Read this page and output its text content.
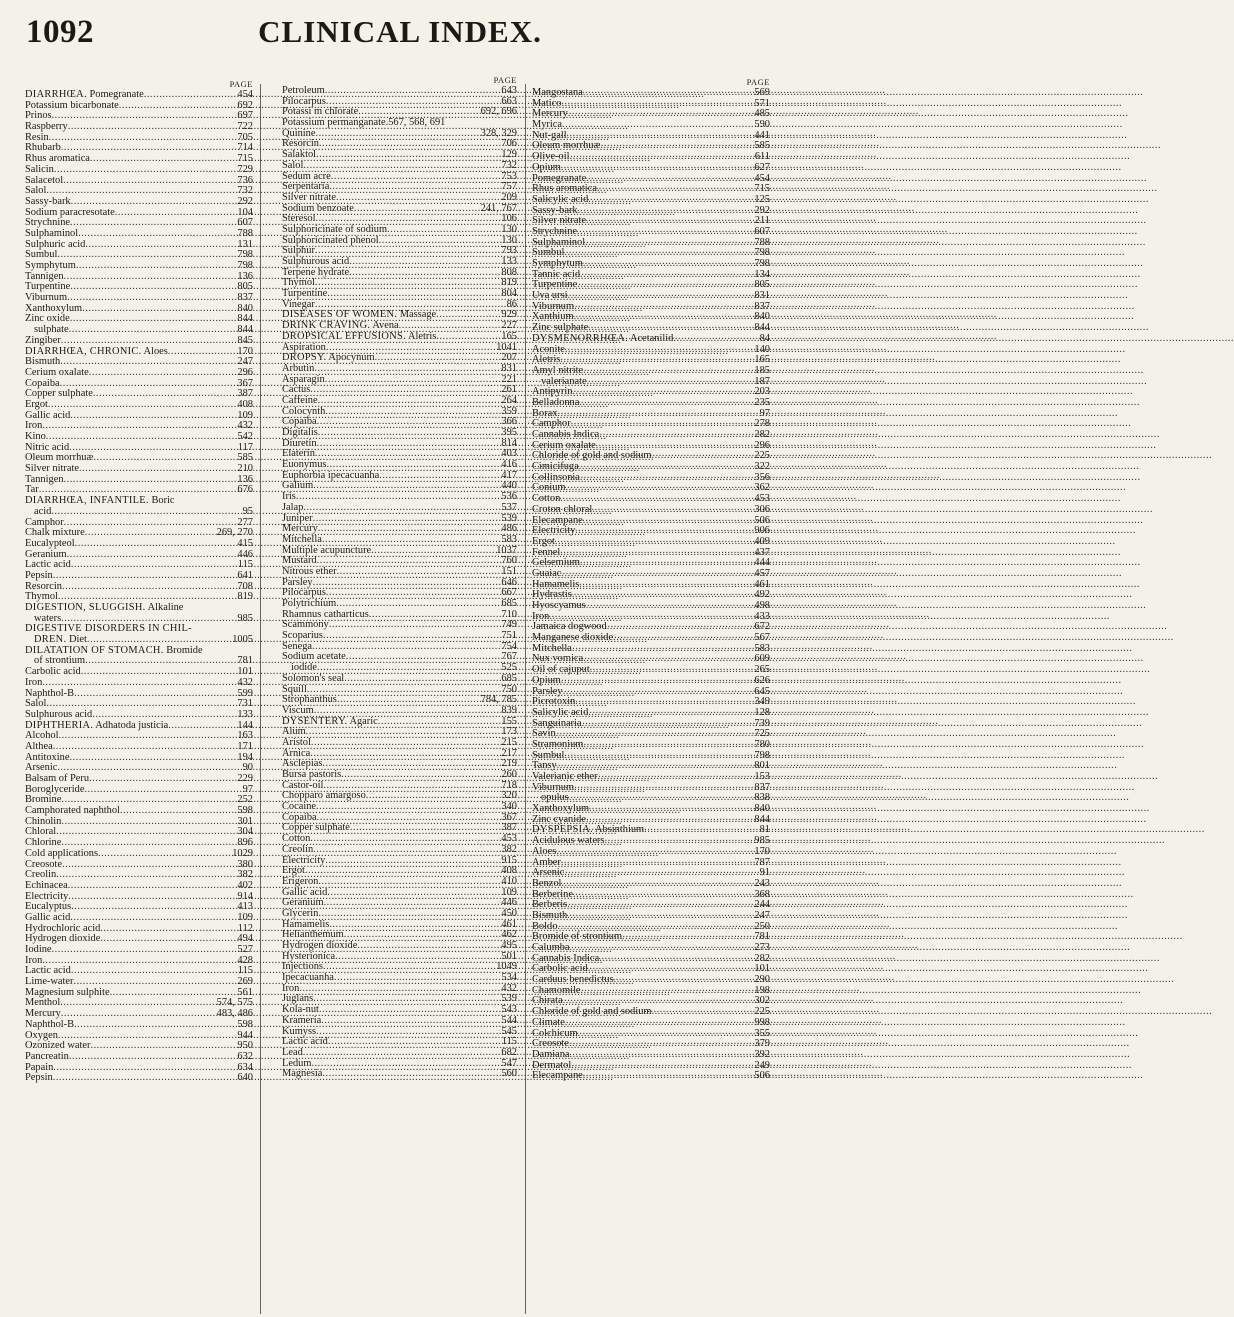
1092	CLINICAL INDEX.
PAGE
DIARRHŒA. Pomegranate .....	454
Potassium bicarbonate .....	692
Prinos .....	697
Raspberry .....	722
Resin .....	705
Rhubarb .....	714
Rhus aromatica .....	715
Salicin .....	729
Salacetol .....	736
Salol .....	732
Sassy-bark .....	292
Sodium paracresotate .....	104
Strychnine .....	607
Sulphaminol .....	788
Sulphuric acid .....	131
Sumbul .....	798
Symphytum .....	798
Tannigen .....	136
Turpentine .....	805
Viburnum .....	837
Xanthoxylum .....	840
Zinc oxide .....	844
sulphate .....	844
Zingiber .....	845
DIARRHŒA, CHRONIC. Aloes .....	170
Bismuth .....	247
Cerium oxalate .....	296
Copaiba .....	367
Copper sulphate .....	387
Ergot .....	408
Gallic acid .....	109
Iron .....	432
Kino .....	542
Nitric acid .....	117
Oleum morrhuæ .....	585
Silver nitrate .....	210
Tannigen .....	136
Tar .....	676
DIARRHŒA, INFANTILE. Boric
acid .....	95
Camphor .....	277
Chalk mixture .....	269, 270
Eucalypteol .....	415
Geranium .....	446
Lactic acid .....	115
Pepsin .....	641
Resorcin .....	708
Thymol .....	819
DIGESTION, SLUGGISH. Alkaline
waters .....	985
DIGESTIVE DISORDERS IN CHIL-
DREN. Diet .....	1005
DILATATION OF STOMACH. Bromide
of strontium .....	781
Carbolic acid .....	101
Iron .....	432
Naphthol-B .....	599
Salol .....	731
Sulphurous acid .....	133
DIPHTHERIA. Adhatoda justicia .....	144
Alcohol .....	163
Althea .....	171
Antitoxine .....	194
Arsenic .....	90
Balsam of Peru .....	229
Boroglyceride .....	97
Bromine .....	252
Camphorated naphthol .....	598
Chinolin .....	301
Chloral .....	304
Chlorine .....	896
Cold applications .....	1029
Creosote .....	380
Creolin .....	382
Echinacea .....	402
Electricity .....	914
Eucalyptus .....	413
Gallic acid .....	109
Hydrochloric acid .....	112
Hydrogen dioxide .....	494
Iodine .....	527
Iron .....	428
Lactic acid .....	115
Lime-water .....	269
Magnesium sulphite .....	561
Menthol .....	574, 575
Mercury .....	483, 486
Naphthol-B .....	598
Oxygen .....	944
Ozonized water .....	950
Pancreatin .....	632
Papain .....	634
Pepsin .....	640
PAGE
Petroleum .....	643
Pilocarpus .....	663
Potassi m chlorate .....	692, 696
Potassium permanganate.567, 568, 691
Quinine .....	328, 329
Resorcin .....	706
Salaktol .....	129
Salol .....	732
Sedum acre .....	753
Serpentaria .....	757
Silver nitrate .....	209
Sodium benzoate .....	241, 767
Steresol .....	106
Sulphoricinate of sodium .....	130
Sulphoricinated phenol .....	130
Sulphur .....	793
Sulphurous acid .....	133
Terpene hydrate .....	808
Thymol .....	819
Turpentine .....	804
Vinegar .....	86
DISEASES OF WOMEN. Massage .....	929
DRINK CRAVING. Avena .....	227
DROPSICAL EFFUSIONS. Aletris .....	165
Aspiration .....	1041
DROPSY. Apocynum .....	207
Arbutin .....	831
Asparagin .....	221
Cactus .....	261
Caffeine .....	264
Colocynth .....	359
Copaiba .....	366
Digitalis .....	395
Diuretin .....	814
Elaterin .....	403
Euonymus .....	416
Euphorbia ipecacuanha .....	417
Galium .....	440
Iris .....	536
Jalap .....	537
Juniper .....	539
Mercury .....	486
Mitchella .....	583
Multiple acupuncture .....	1037
Mustard .....	760
Nitrous ether .....	151
Parsley .....	646
Pilocarpus .....	667
Polytrichium .....	685
Rhamnus catharticus .....	710
Scammony .....	749
Scoparius .....	751
Senega .....	754
Sodium acetate .....	767
iodide .....	525
Solomon's seal .....	685
Squill .....	750
Strophanthus .....	784, 785
Viscum .....	839
DYSENTERY. Agaric .....	155
Alum .....	173
Aristol .....	215
Arnica .....	217
Asclepias .....	219
Bursa pastoris .....	260
Castor-oil .....	718
Chopparo amargoso .....	320
Cocaine .....	340
Copaiba .....	367
Copper sulphate .....	387
Cotton .....	453
Creolin .....	382
Electricity .....	915
Ergot .....	408
Erigeron .....	410
Gallic acid .....	109
Geranium .....	446
Glycerin .....	450
Hamamelis .....	461
Helianthemum .....	462
Hydrogen dioxide .....	495
Hysterionica .....	501
Injections .....	1049
Ipecacuanha .....	534
Iron .....	432
Juglans .....	539
Kola-nut .....	543
Krameria .....	544
Kumyss .....	545
Lactic acid .....	115
Lead .....	682
Ledum .....	547
Magnesia .....	560
PAGE
Mangostana .....	569
Matico .....	571
Mercury .....	485
Myrica .....	590
Nut-gall .....	441
Oleum morrhuæ .....	585
Olive-oil .....	611
Opium .....	627
Pomegranate .....	454
Rhus aromatica .....	715
Salicylic acid .....	125
Sassy-bark .....	292
Silver nitrate .....	211
Strychnine .....	607
Sulphaminol .....	788
Sumbul .....	798
Symphytum .....	798
Tannic acid .....	134
Turpentine .....	805
Uva ursi .....	831
Viburnum .....	837
Xanthium .....	840
Zinc sulphate .....	844
DYSMENORRHŒA. Acetanilid .....	84
Aconite .....	140
Aletris .....	165
Amyl nitrite .....	185
valerianate .....	187
Antipyrin .....	203
Belladonna .....	235
Borax .....	97
Camphor .....	278
Cannabis Indica .....	282
Cerium oxalate .....	296
Chloride of gold and sodium .....	225
Cimicifuga .....	322
Collinsonia .....	356
Conium .....	362
Cotton .....	453
Croton chloral .....	306
Elecampane .....	506
Electricity .....	906
Ergot .....	409
Fennel .....	437
Gelsemium .....	444
Guaiac .....	457
Hamamelis .....	461
Hydrastis .....	492
Hyoscyamus .....	498
Iron .....	433
Jamaica dogwood .....	672
Manganese dioxide .....	567
Mitchella .....	583
Nux vomica .....	609
Oil of cajuput .....	265
Opium .....	626
Parsley .....	645
Picrotoxin .....	349
Salicylic acid .....	128
Sanguinaria .....	739
Savin .....	725
Stramonium .....	780
Sumbul .....	798
Tansy .....	801
Valerianic ether .....	153
Viburnum .....	837
opulus .....	838
Xanthoxylum .....	840
Zinc cyanide .....	844
DYSPEPSIA. Absinthium .....	81
Acidulous waters .....	985
Aloes .....	170
Amber .....	787
Arsenic .....	91
Benzol .....	243
Berberine .....	368
Berberis .....	244
Bismuth .....	247
Boldo .....	250
Bromide of strontium .....	781
Calumba .....	273
Cannabis Indica .....	282
Carbolic acid .....	101
Carduus benedictus .....	290
Chamomile .....	198
Chirata .....	302
Chloride of gold and sodium .....	225
Climate .....	998
Colchicum .....	355
Creosote .....	379
Damiana .....	392
Dermatol .....	249
Elecampane .....	506
